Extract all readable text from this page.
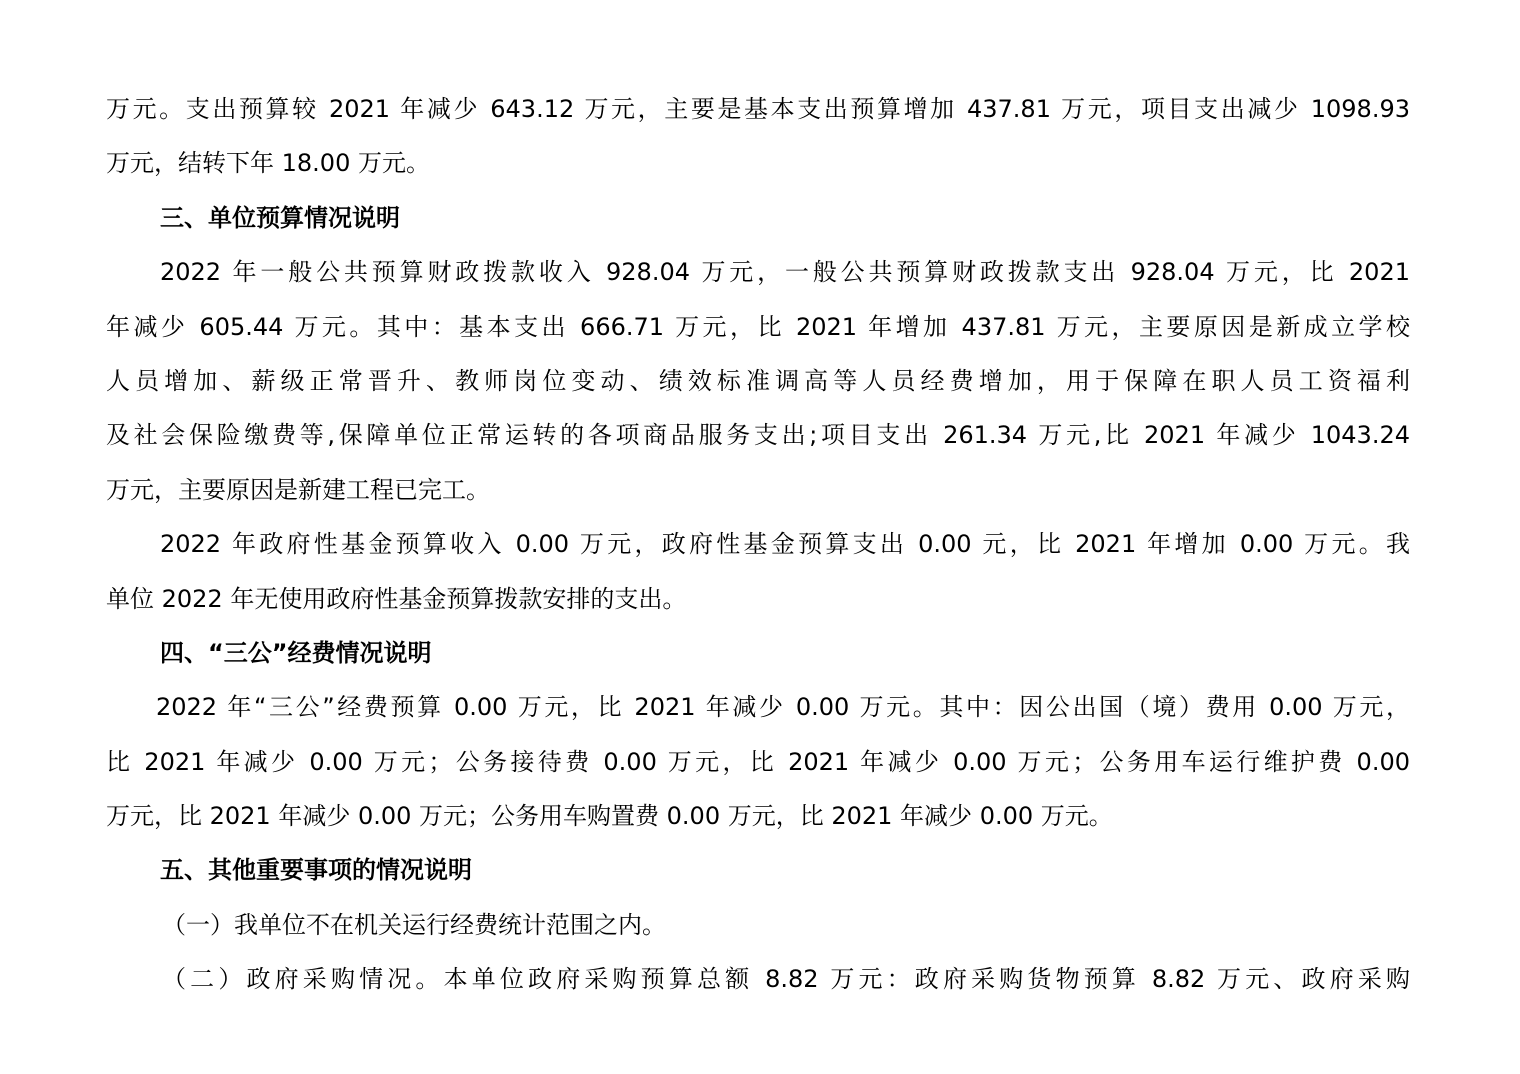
万元。支出预算较 2021 年减少 643.12 万元，主要是基本支出预算增加 437.81 万元，项目支出减少 1098.93
万元，结转下年 18.00 万元。
三、单位预算情况说明
2022 年一般公共预算财政拨款收入 928.04 万元，一般公共预算财政拨款支出 928.04 万元，比 2021
年减少 605.44 万元。其中：基本支出 666.71 万元，比 2021 年增加 437.81 万元，主要原因是新成立学校
人员增加、薪级正常晋升、教师岗位变动、绩效标准调高等人员经费增加，用于保障在职人员工资福利
及社会保险缴费等,保障单位正常运转的各项商品服务支出;项目支出 261.34 万元,比 2021 年减少 1043.24
万元，主要原因是新建工程已完工。
2022 年政府性基金预算收入 0.00 万元，政府性基金预算支出 0.00 元，比 2021 年增加 0.00 万元。我
单位 2022 年无使用政府性基金预算拨款安排的支出。
四、“三公”经费情况说明
2022 年“三公”经费预算 0.00 万元，比 2021 年减少 0.00 万元。其中：因公出国（境）费用 0.00 万元，
比 2021 年减少 0.00 万元；公务接待费 0.00 万元，比 2021 年减少 0.00 万元；公务用车运行维护费 0.00
万元，比 2021 年减少 0.00 万元；公务用车购置费 0.00 万元，比 2021 年减少 0.00 万元。
五、其他重要事项的情况说明
（一）我单位不在机关运行经费统计范围之内。
（二）政府采购情况。本单位政府采购预算总额 8.82 万元：政府采购货物预算 8.82 万元、政府采购
